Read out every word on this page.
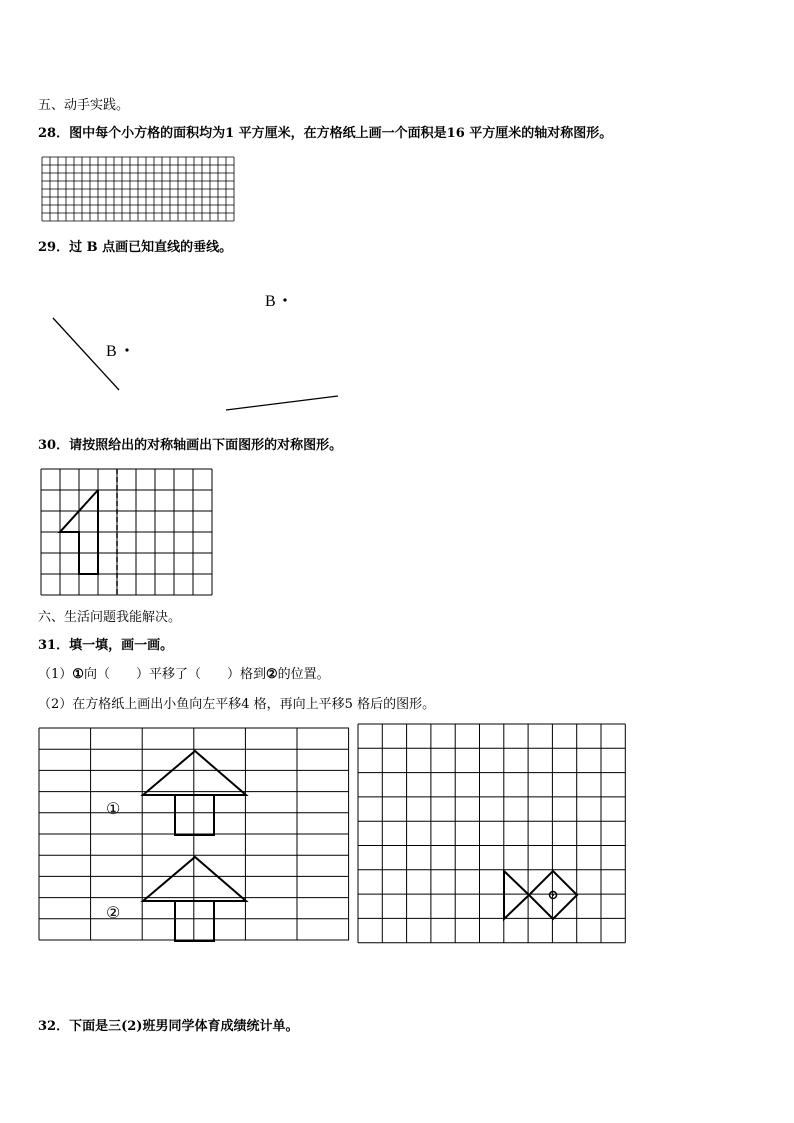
五、动手实践。
28．图中每个小方格的面积均为1 平方厘米，在方格纸上画一个面积是16 平方厘米的轴对称图形。
29．过 B 点画已知直线的垂线。
B
B
30．请按照给出的对称轴画出下面图形的对称图形。
六、生活问题我能解决。
31．填一填，画一画。
（1）①向（　　）平移了（　　）格到②的位置。
（2）在方格纸上画出小鱼向左平移4 格，再向上平移5 格后的图形。
①
②
32．下面是三(2)班男同学体育成绩统计单。
